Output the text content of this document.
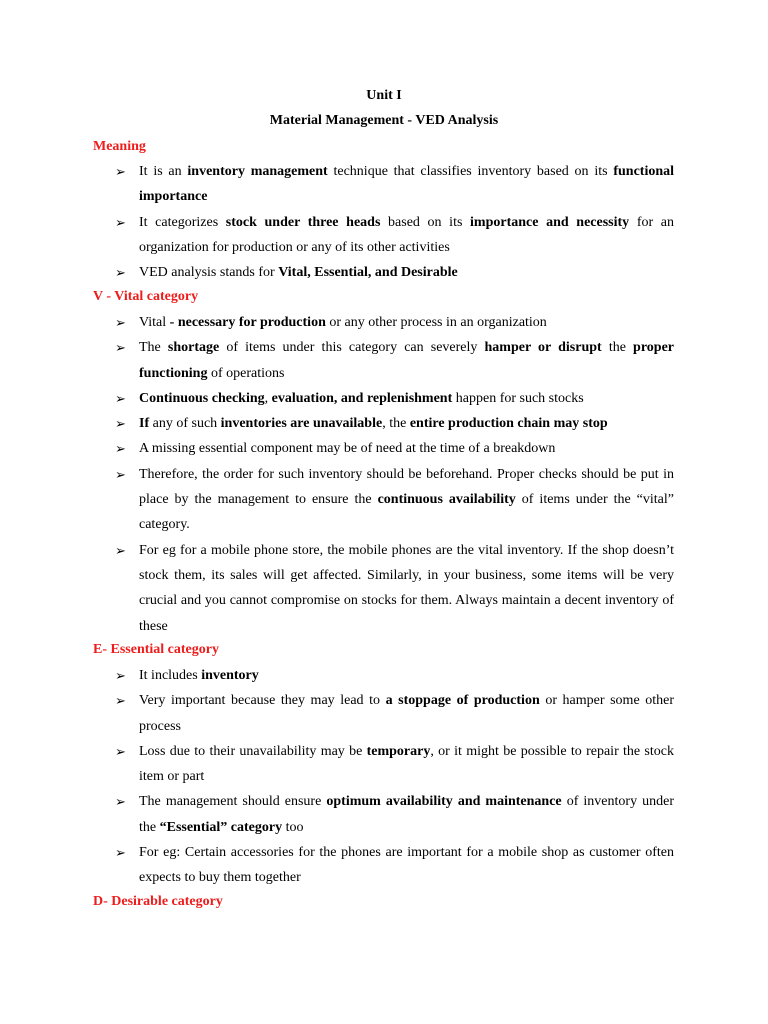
Unit I
Material Management - VED Analysis
Meaning
➢ It is an inventory management technique that classifies inventory based on its functional importance
➢ It categorizes stock under three heads based on its importance and necessity for an organization for production or any of its other activities
➢ VED analysis stands for Vital, Essential, and Desirable
V - Vital category
➢ Vital - necessary for production or any other process in an organization
➢ The shortage of items under this category can severely hamper or disrupt the proper functioning of operations
➢ Continuous checking, evaluation, and replenishment happen for such stocks
➢ If any of such inventories are unavailable, the entire production chain may stop
➢ A missing essential component may be of need at the time of a breakdown
➢ Therefore, the order for such inventory should be beforehand. Proper checks should be put in place by the management to ensure the continuous availability of items under the “vital” category.
➢ For eg for a mobile phone store, the mobile phones are the vital inventory. If the shop doesn’t stock them, its sales will get affected. Similarly, in your business, some items will be very crucial and you cannot compromise on stocks for them. Always maintain a decent inventory of these
E- Essential category
➢ It includes inventory
➢ Very important because they may lead to a stoppage of production or hamper some other process
➢ Loss due to their unavailability may be temporary, or it might be possible to repair the stock item or part
➢ The management should ensure optimum availability and maintenance of inventory under the “Essential” category too
➢ For eg: Certain accessories for the phones are important for a mobile shop as customer often expects to buy them together
D- Desirable category
